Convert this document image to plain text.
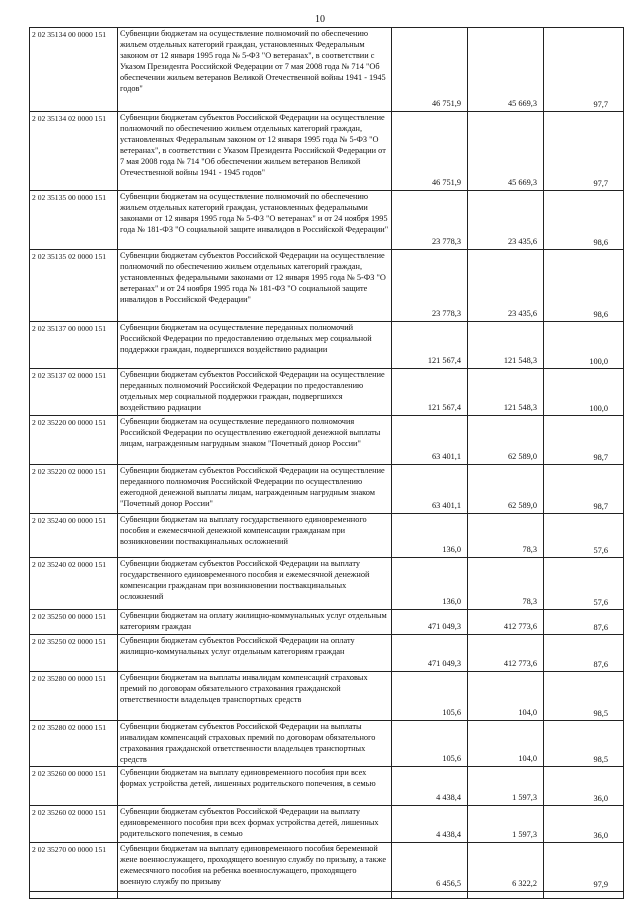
10
2 02 35134 00 0000 151	Субвенции бюджетам на осуществление полномочий по обеспечению жильем отдельных категорий граждан, установленных Федеральным законом от 12 января 1995 года № 5-ФЗ "О ветеранах", в соответствии с Указом Президента Российской Федерации от 7 мая 2008 года № 714 "Об обеспечении жильем ветеранов Великой Отечественной войны 1941 - 1945 годов"	46 751,9	45 669,3	97,7
2 02 35134 02 0000 151	Субвенции бюджетам субъектов Российской Федерации на осуществление полномочий по обеспечению жильем отдельных категорий граждан, установленных Федеральным законом от 12 января 1995 года № 5-ФЗ "О ветеранах", в соответствии с Указом Президента Российской Федерации от 7 мая 2008 года № 714 "Об обеспечении жильем ветеранов Великой Отечественной войны 1941 - 1945 годов"	46 751,9	45 669,3	97,7
2 02 35135 00 0000 151	Субвенции бюджетам на осуществление полномочий по обеспечению жильем отдельных категорий граждан, установленных федеральными законами от 12 января 1995 года № 5-ФЗ "О ветеранах" и от 24 ноября 1995 года № 181-ФЗ "О социальной защите инвалидов в Российской Федерации"	23 778,3	23 435,6	98,6
2 02 35135 02 0000 151	Субвенции бюджетам субъектов Российской Федерации на осуществление полномочий по обеспечению жильем отдельных категорий граждан, установленных федеральными законами от 12 января 1995 года № 5-ФЗ "О ветеранах" и от 24 ноября 1995 года № 181-ФЗ "О социальной защите инвалидов в Российской Федерации"	23 778,3	23 435,6	98,6
2 02 35137 00 0000 151	Субвенции бюджетам на осуществление переданных полномочий Российской Федерации по предоставлению отдельных мер социальной поддержки граждан, подвергшихся воздействию радиации	121 567,4	121 548,3	100,0
2 02 35137 02 0000 151	Субвенции бюджетам субъектов Российской Федерации на осуществление переданных полномочий Российской Федерации по предоставлению отдельных мер социальной поддержки граждан, подвергшихся воздействию радиации	121 567,4	121 548,3	100,0
2 02 35220 00 0000 151	Субвенции бюджетам на осуществление переданного полномочия Российской Федерации по осуществлению ежегодной денежной выплаты лицам, награжденным нагрудным знаком "Почетный донор России"	63 401,1	62 589,0	98,7
2 02 35220 02 0000 151	Субвенции бюджетам субъектов Российской Федерации на осуществление переданного полномочия Российской Федерации по осуществлению ежегодной денежной выплаты лицам, награжденным нагрудным знаком "Почетный донор России"	63 401,1	62 589,0	98,7
2 02 35240 00 0000 151	Субвенции бюджетам на выплату государственного единовременного пособия и ежемесячной денежной компенсации гражданам при возникновении поствакцинальных осложнений	136,0	78,3	57,6
2 02 35240 02 0000 151	Субвенции бюджетам субъектов Российской Федерации на выплату государственного единовременного пособия и ежемесячной денежной компенсации гражданам при возникновении поствакцинальных осложнений	136,0	78,3	57,6
2 02 35250 00 0000 151	Субвенции бюджетам на оплату жилищно-коммунальных услуг отдельным категориям граждан	471 049,3	412 773,6	87,6
2 02 35250 02 0000 151	Субвенции бюджетам субъектов Российской Федерации на оплату жилищно-коммунальных услуг отдельным категориям граждан	471 049,3	412 773,6	87,6
2 02 35280 00 0000 151	Субвенции бюджетам на выплаты инвалидам компенсаций страховых премий по договорам обязательного страхования гражданской ответственности владельцев транспортных средств	105,6	104,0	98,5
2 02 35280 02 0000 151	Субвенции бюджетам субъектов Российской Федерации на выплаты инвалидам компенсаций страховых премий по договорам обязательного страхования гражданской ответственности владельцев транспортных средств	105,6	104,0	98,5
2 02 35260 00 0000 151	Субвенции бюджетам на выплату единовременного пособия при всех формах устройства детей, лишенных родительского попечения, в семью	4 438,4	1 597,3	36,0
2 02 35260 02 0000 151	Субвенции бюджетам субъектов Российской Федерации на выплату единовременного пособия при всех формах устройства детей, лишенных родительского попечения, в семью	4 438,4	1 597,3	36,0
2 02 35270 00 0000 151	Субвенции бюджетам на выплату единовременного пособия беременной жене военнослужащего, проходящего военную службу по призыву, а также ежемесячного пособия на ребенка военнослужащего, проходящего военную службу по призыву	6 456,5	6 322,2	97,9
